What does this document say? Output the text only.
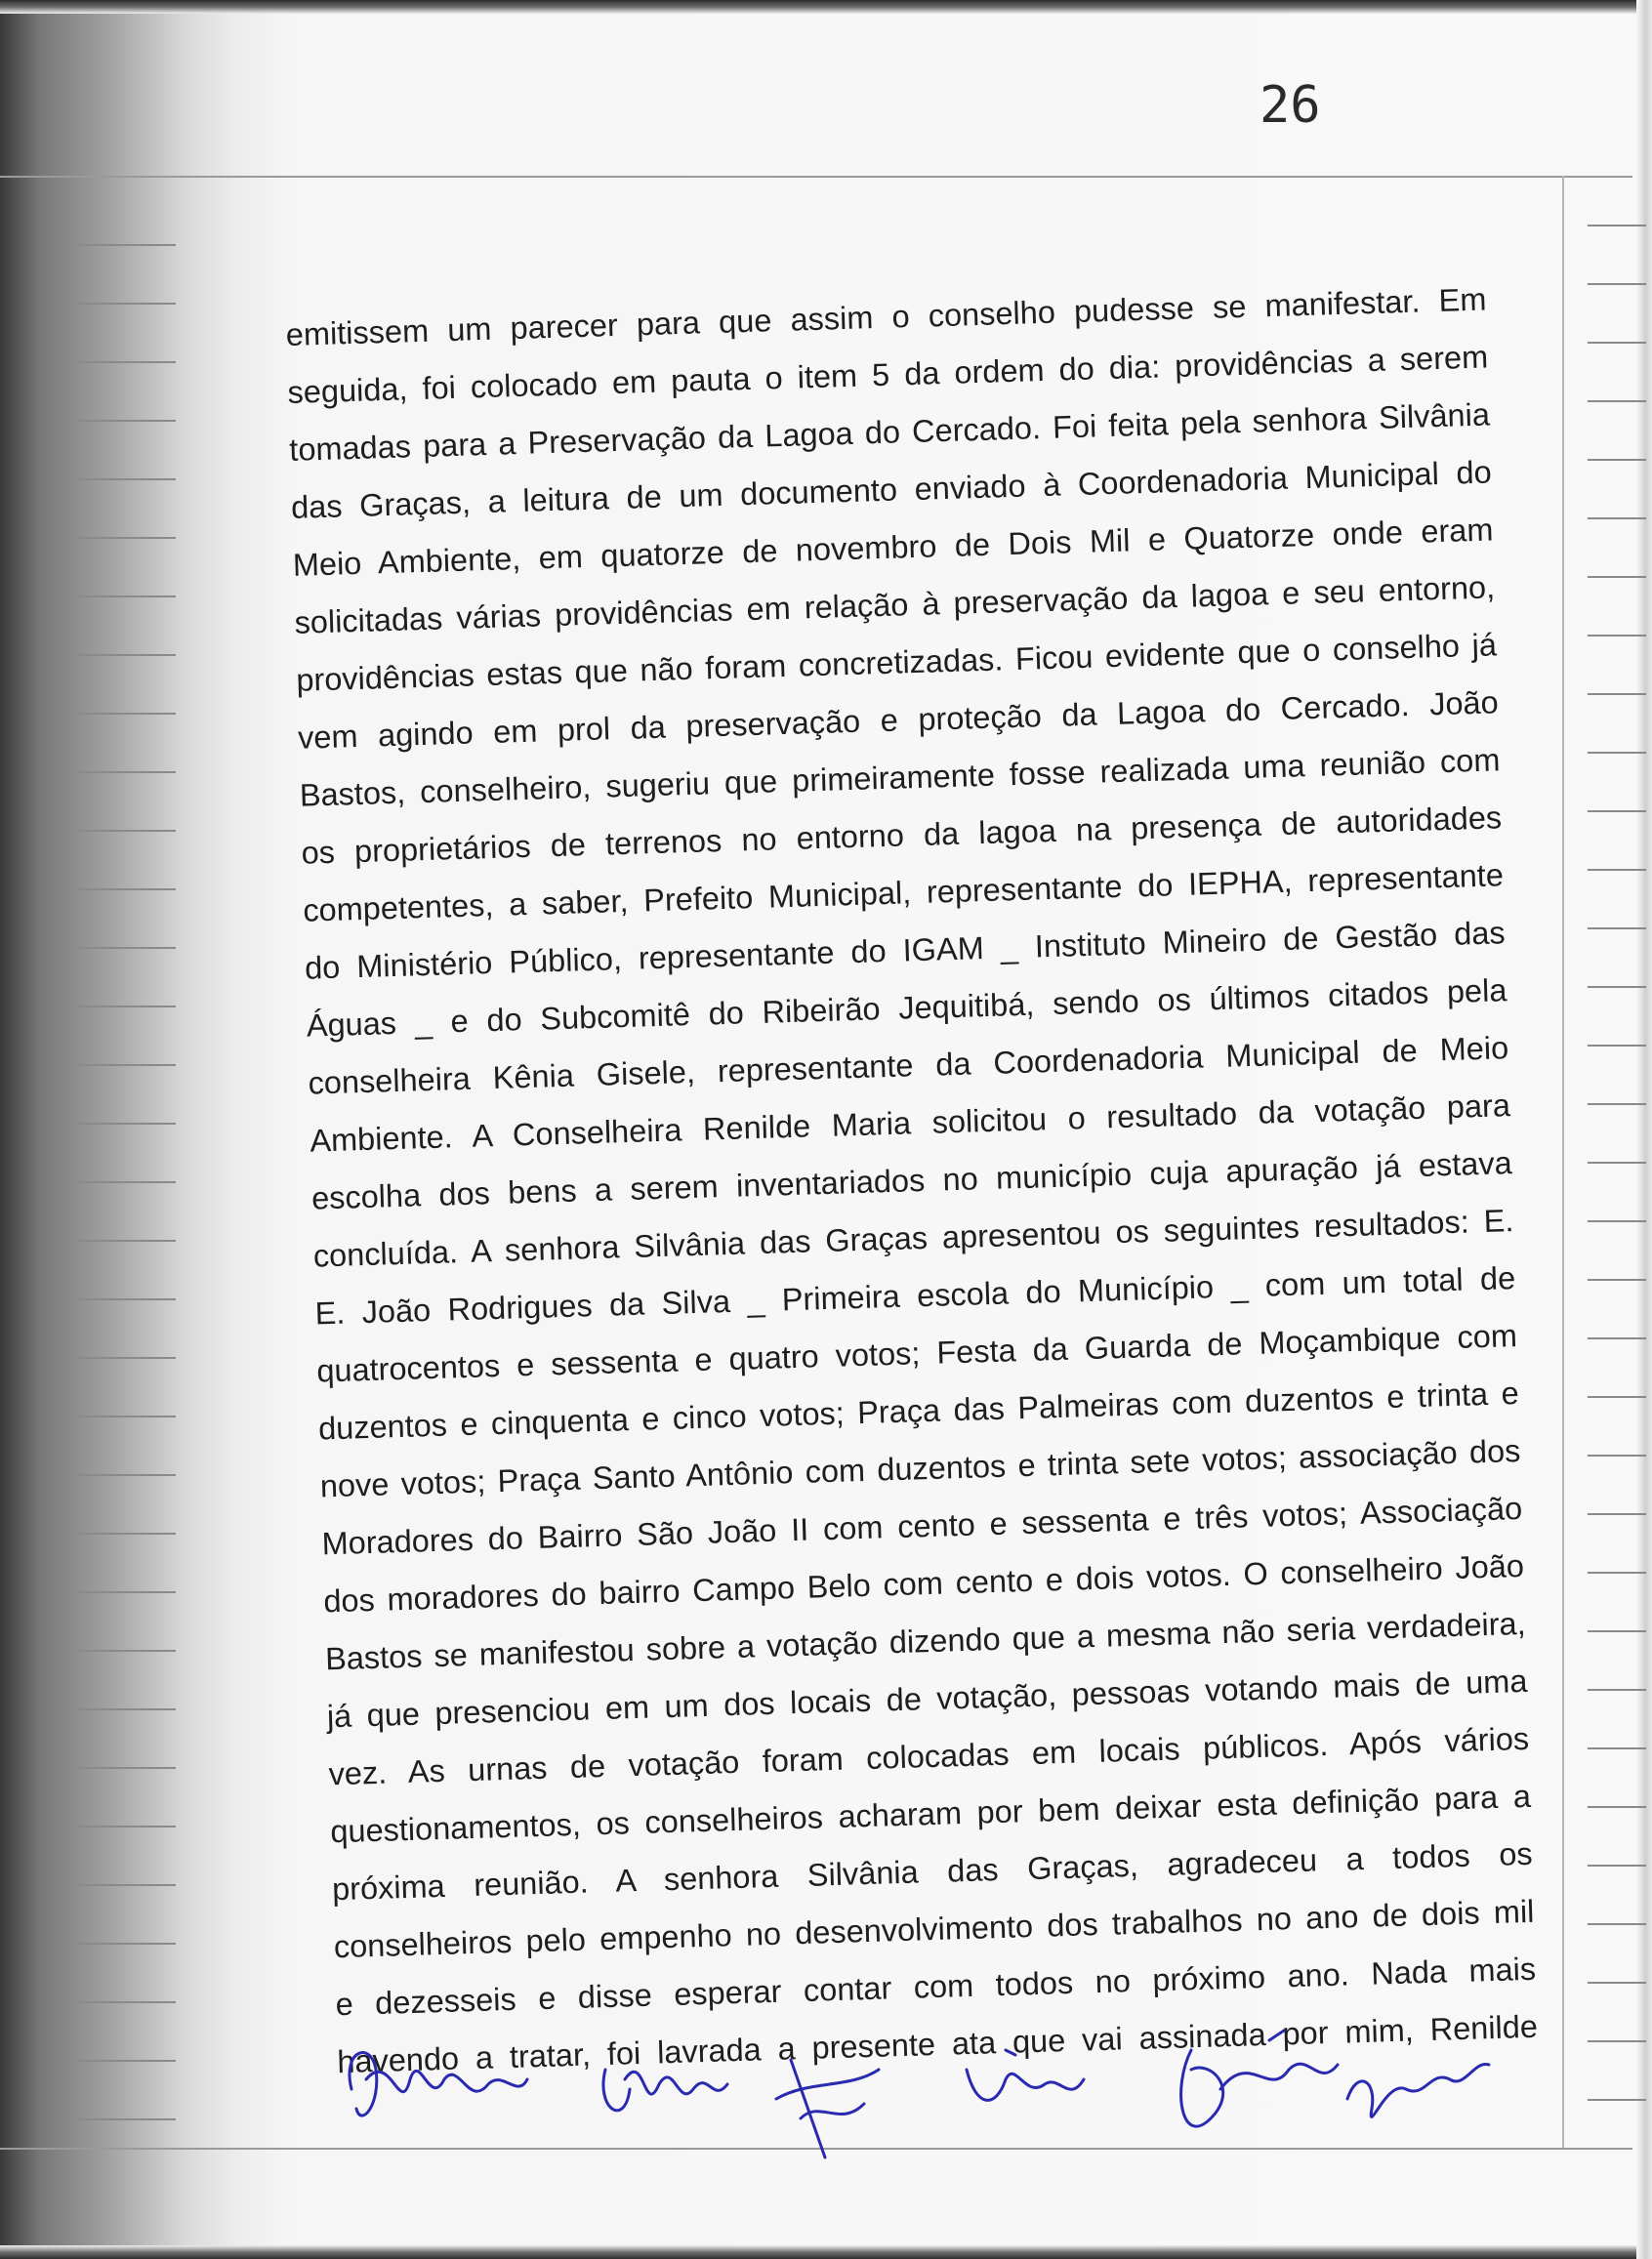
26
emitissem um parecer para que assim o conselho pudesse se manifestar. Em
seguida, foi colocado em pauta o item 5 da ordem do dia: providências a serem
tomadas para a Preservação da Lagoa do Cercado. Foi feita pela senhora Silvânia
das Graças, a leitura de um documento enviado à Coordenadoria Municipal do
Meio Ambiente, em quatorze de novembro de Dois Mil e Quatorze onde eram
solicitadas várias providências em relação à preservação da lagoa e seu entorno,
providências estas que não foram concretizadas. Ficou evidente que o conselho já
vem agindo em prol da preservação e proteção da Lagoa do Cercado. João
Bastos, conselheiro, sugeriu que primeiramente fosse realizada uma reunião com
os proprietários de terrenos no entorno da lagoa na presença de autoridades
competentes, a saber, Prefeito Municipal, representante do IEPHA, representante
do Ministério Público, representante do IGAM _ Instituto Mineiro de Gestão das
Águas _ e do Subcomitê do Ribeirão Jequitibá, sendo os últimos citados pela
conselheira Kênia Gisele, representante da Coordenadoria Municipal de Meio
Ambiente. A Conselheira Renilde Maria solicitou o resultado da votação para
escolha dos bens a serem inventariados no município cuja apuração já estava
concluída. A senhora Silvânia das Graças apresentou os seguintes resultados: E.
E. João Rodrigues da Silva _ Primeira escola do Município _ com um total de
quatrocentos e sessenta e quatro votos; Festa da Guarda de Moçambique com
duzentos e cinquenta e cinco votos; Praça das Palmeiras com duzentos e trinta e
nove votos; Praça Santo Antônio com duzentos e trinta sete votos; associação dos
Moradores do Bairro São João II com cento e sessenta e três votos; Associação
dos moradores do bairro Campo Belo com cento e dois votos. O conselheiro João
Bastos se manifestou sobre a votação dizendo que a mesma não seria verdadeira,
já que presenciou em um dos locais de votação, pessoas votando mais de uma
vez. As urnas de votação foram colocadas em locais públicos. Após vários
questionamentos, os conselheiros acharam por bem deixar esta definição para a
próxima reunião. A senhora Silvânia das Graças, agradeceu a todos os
conselheiros pelo empenho no desenvolvimento dos trabalhos no ano de dois mil
e dezesseis e disse esperar contar com todos no próximo ano. Nada mais
havendo a tratar, foi lavrada a presente ata que vai assinada por mim, Renilde
